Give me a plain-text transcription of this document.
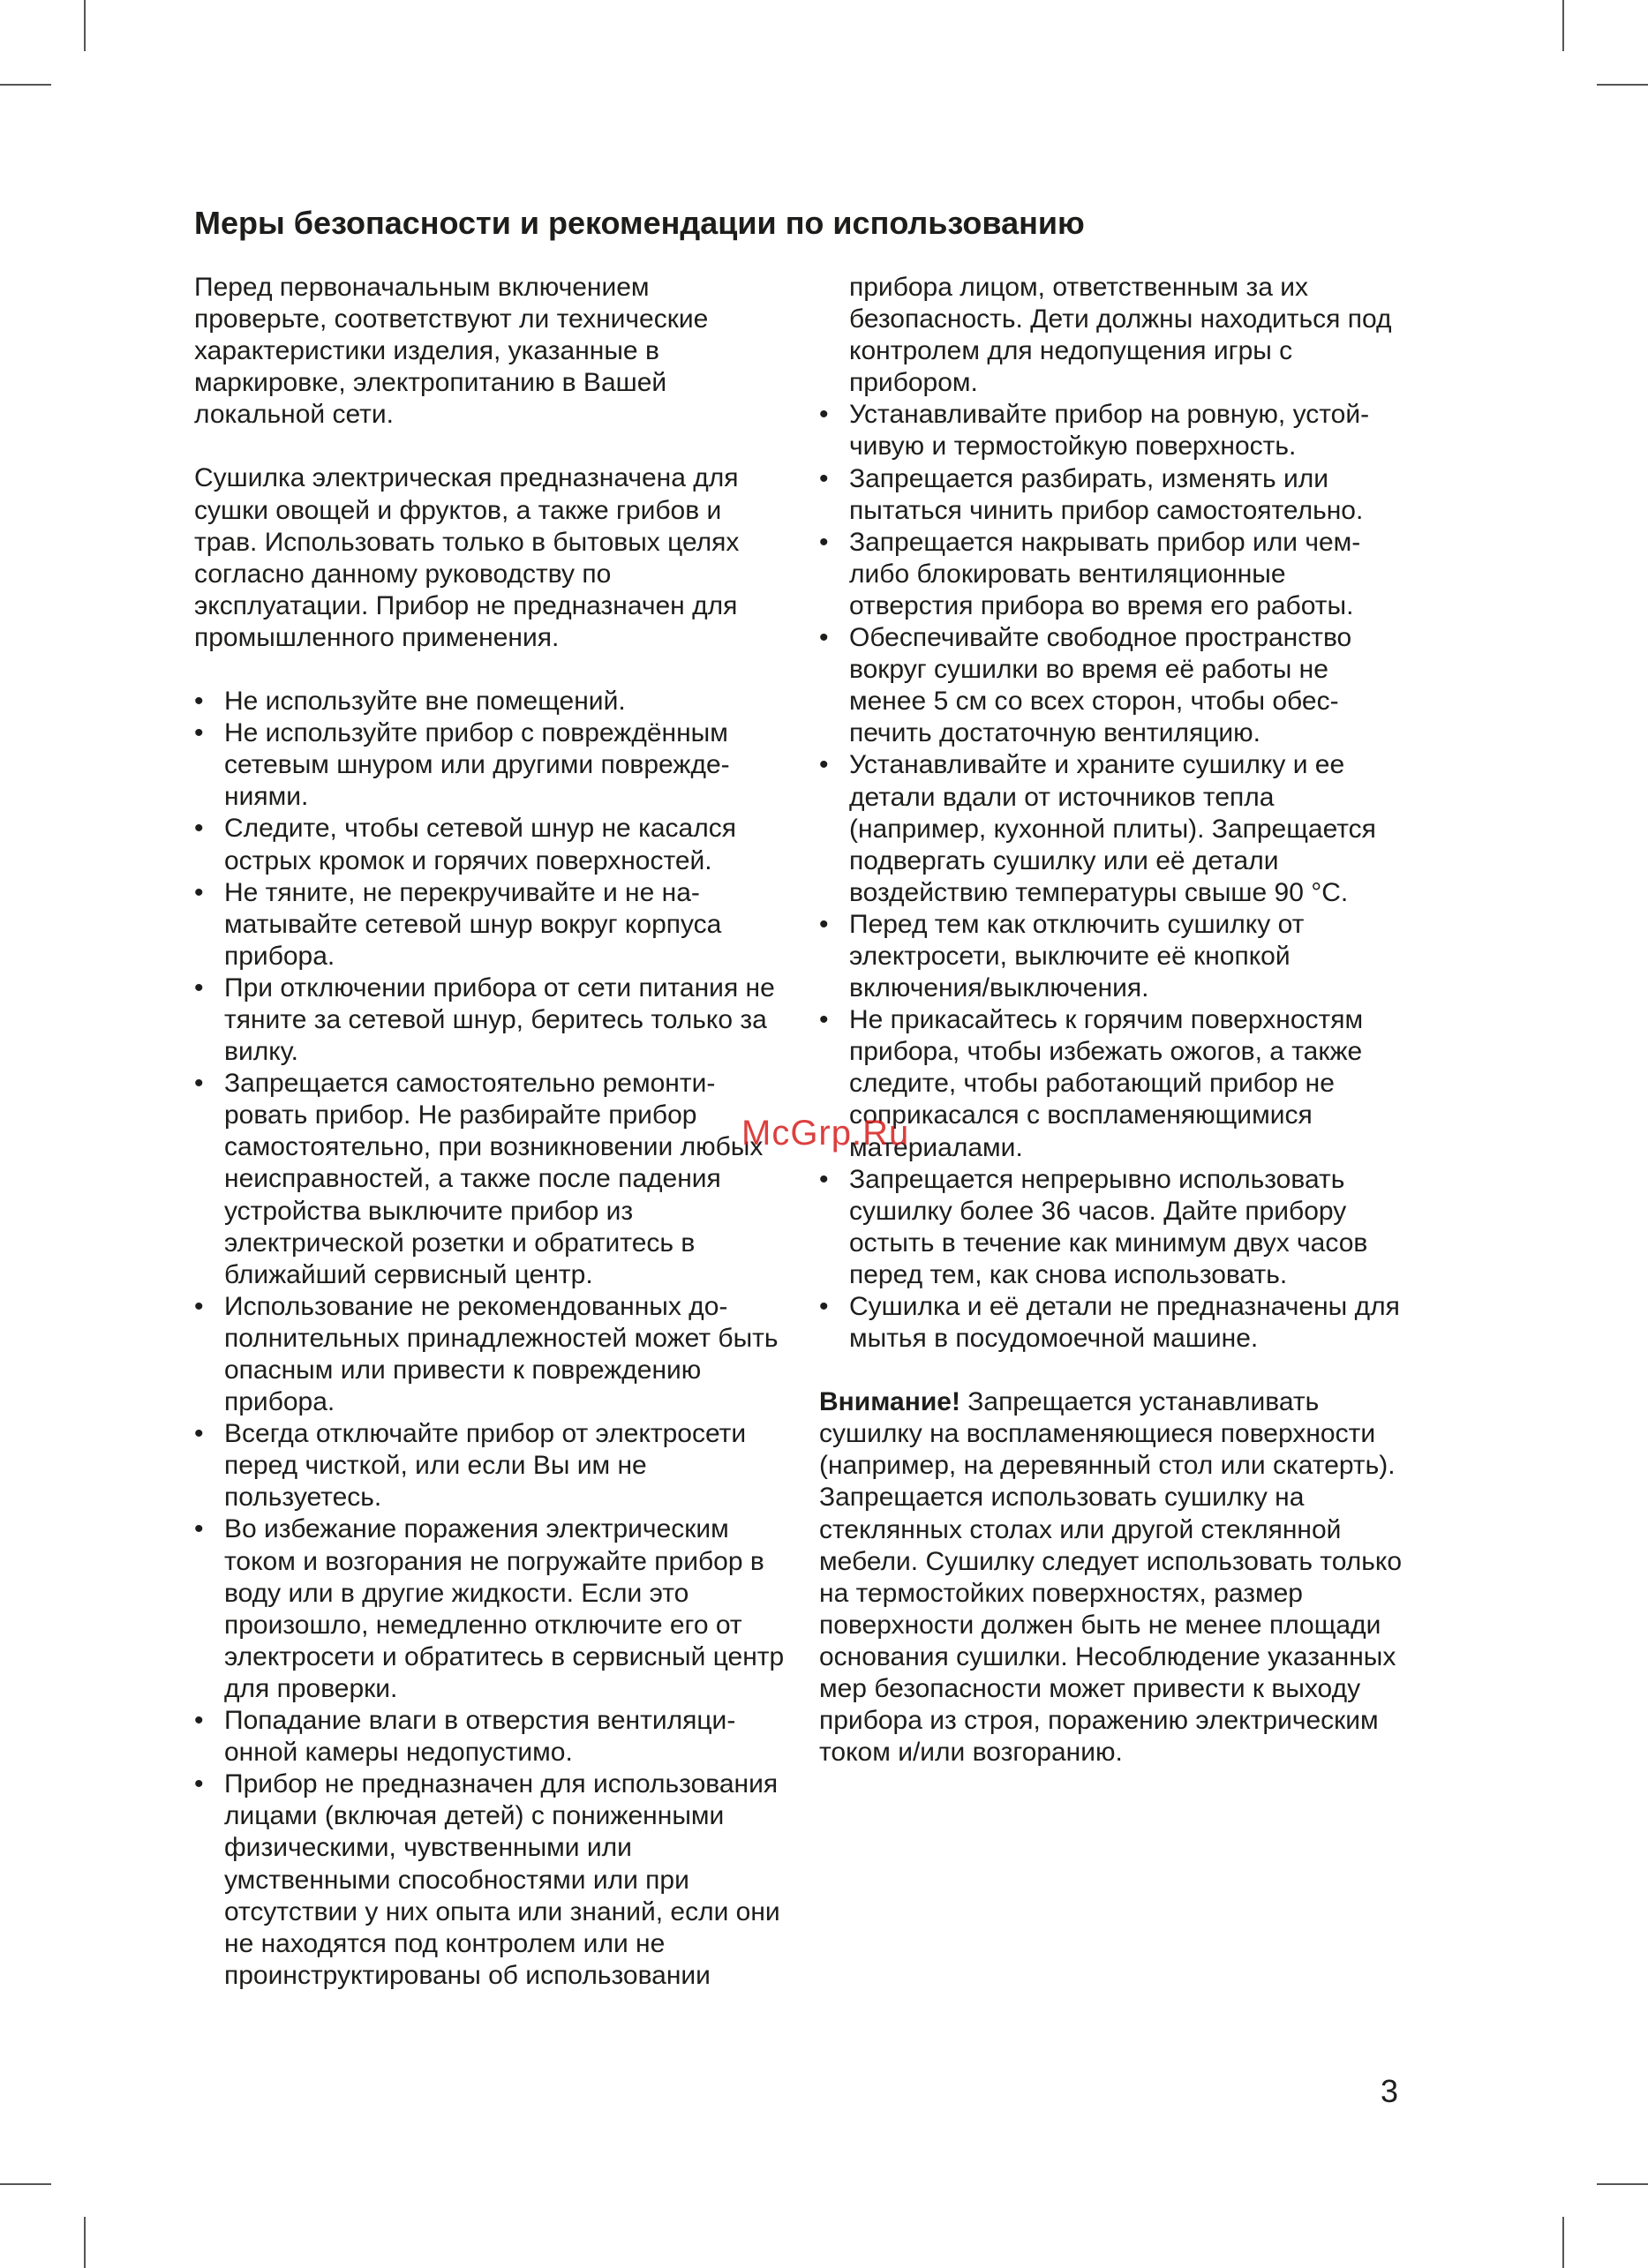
Меры безопасности и рекомендации по использованию

Перед первоначальным включением проверьте, соответствуют ли технические характеристики изделия, указанные в маркировке, электропитанию в Вашей локальной сети.

Сушилка электрическая предназначена для сушки овощей и фруктов, а также грибов и трав. Использовать только в бытовых целях согласно данному руководству по эксплуатации. Прибор не предназначен для промышленного применения.

• Не используйте вне помещений.
• Не используйте прибор с повреждённым сетевым шнуром или другими повреждениями.
• Следите, чтобы сетевой шнур не касался острых кромок и горячих поверхностей.
• Не тяните, не перекручивайте и не наматывайте сетевой шнур вокруг корпуса прибора.
• При отключении прибора от сети питания не тяните за сетевой шнур, беритесь только за вилку.
• Запрещается самостоятельно ремонтировать прибор. Не разбирайте прибор самостоятельно, при возникновении любых неисправностей, а также после падения устройства выключите прибор из электрической розетки и обратитесь в ближайший сервисный центр.
• Использование не рекомендованных дополнительных принадлежностей может быть опасным или привести к повреждению прибора.
• Всегда отключайте прибор от электросети перед чисткой, или если Вы им не пользуетесь.
• Во избежание поражения электрическим током и возгорания не погружайте прибор в воду или в другие жидкости. Если это произошло, немедленно отключите его от электросети и обратитесь в сервисный центр для проверки.
• Попадание влаги в отверстия вентиляционной камеры недопустимо.
• Прибор не предназначен для использования лицами (включая детей) с пониженными физическими, чувственными или умственными способностями или при отсутствии у них опыта или знаний, если они не находятся под контролем или не проинструктированы об использовании

прибора лицом, ответственным за их безопасность. Дети должны находиться под контролем для недопущения игры с прибором.

• Устанавливайте прибор на ровную, устойчивую и термостойкую поверхность.
• Запрещается разбирать, изменять или пытаться чинить прибор самостоятельно.
• Запрещается накрывать прибор или чем-либо блокировать вентиляционные отверстия прибора во время его работы.
• Обеспечивайте свободное пространство вокруг сушилки во время её работы не менее 5 см со всех сторон, чтобы обеспечить достаточную вентиляцию.
• Устанавливайте и храните сушилку и ее детали вдали от источников тепла (например, кухонной плиты). Запрещается подвергать сушилку или её детали воздействию температуры свыше 90 °С.
• Перед тем как отключить сушилку от электросети, выключите её кнопкой включения/выключения.
• Не прикасайтесь к горячим поверхностям прибора, чтобы избежать ожогов, а также следите, чтобы работающий прибор не соприкасался с воспламеняющимися материалами.
• Запрещается непрерывно использовать сушилку более 36 часов. Дайте прибору остыть в течение как минимум двух часов перед тем, как снова использовать.
• Сушилка и её детали не предназначены для мытья в посудомоечной машине.

Внимание! Запрещается устанавливать сушилку на воспламеняющиеся поверхности (например, на деревянный стол или скатерть). Запрещается использовать сушилку на стеклянных столах или другой стеклянной мебели. Сушилку следует использовать только на термостойких поверхностях, размер поверхности должен быть не менее площади основания сушилки. Несоблюдение указанных мер безопасности может привести к выходу прибора из строя, поражению электрическим током и/или возгоранию.

McGrp.Ru
3
